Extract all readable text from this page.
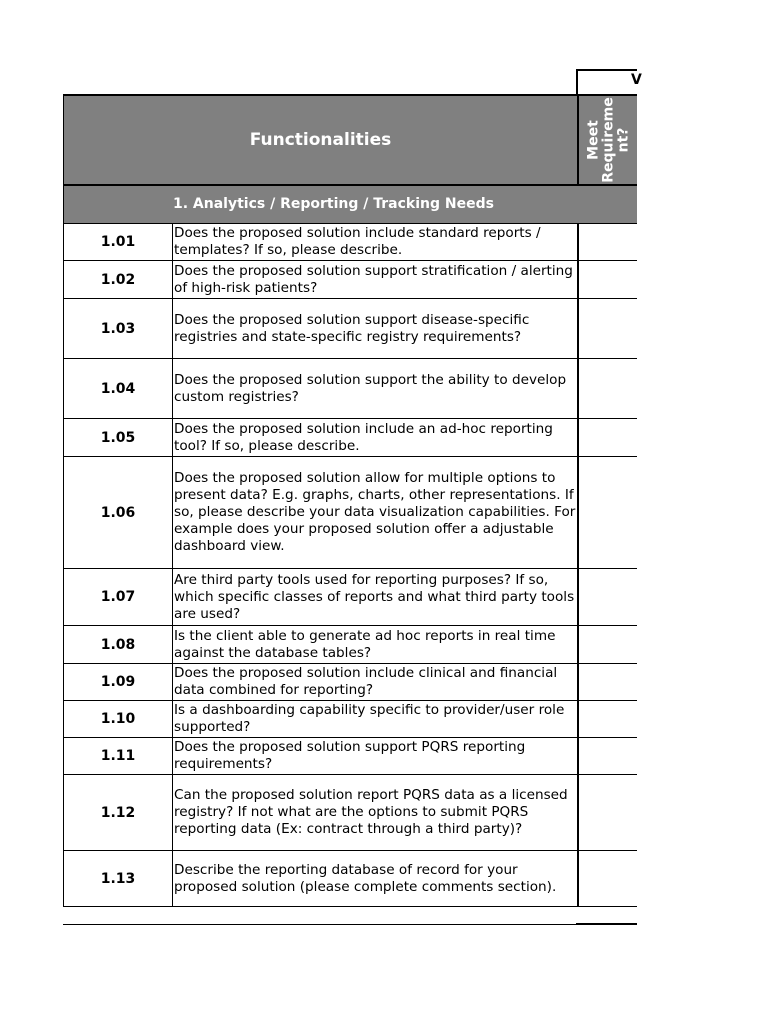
V
Functionalities	Meet
Requireme
nt?
1. Analytics / Reporting / Tracking Needs
1.01
Does the proposed solution include standard reports / templates? If so, please describe.
1.02
Does the proposed solution support stratification / alerting of high-risk patients?
1.03
Does the proposed solution support disease-specific registries and state-specific registry requirements?
1.04
Does the proposed solution support the ability to develop custom registries?
1.05
Does the proposed solution include an ad-hoc reporting tool? If so, please describe.
1.06
Does the proposed solution allow for multiple options to present data? E.g. graphs, charts, other representations. If so, please describe your data visualization capabilities. For example does your proposed solution offer a adjustable dashboard view.
1.07
Are third party tools used for reporting purposes? If so, which specific classes of reports and what third party tools are used?
1.08
Is the client able to generate ad hoc reports in real time against the database tables?
1.09
Does the proposed solution include clinical and financial data combined for reporting?
1.10
Is a dashboarding capability specific to provider/user role supported?
1.11
Does the proposed solution support PQRS reporting requirements?
1.12
Can the proposed solution report PQRS data as a licensed registry? If not what are the options to submit PQRS reporting data (Ex: contract through a third party)?
1.13
Describe the reporting database of record for your proposed solution (please complete comments section).
